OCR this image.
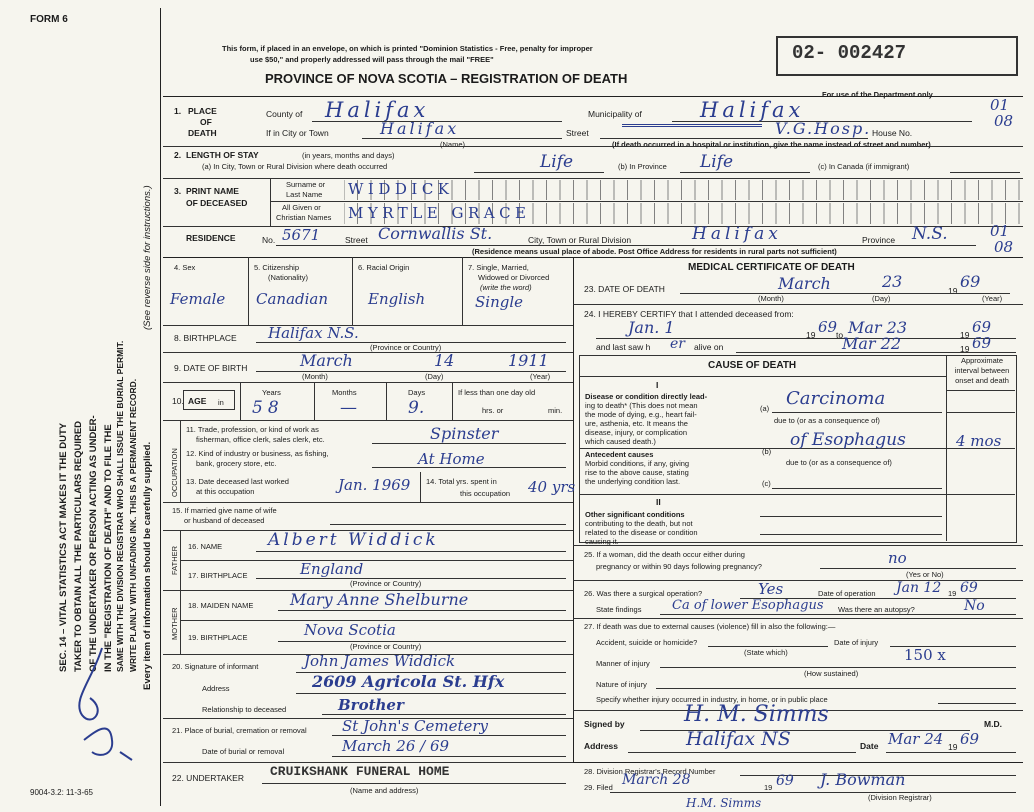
FORM 6
SEC. 14 – VITAL STATISTICS ACT MAKES IT THE DUTY TAKER TO OBTAIN ALL THE PARTICULARS REQUIRED OF THE UNDERTAKER OR PERSON ACTING AS UNDER- IN THE "REGISTRATION OF DEATH" AND TO FILE THE SAME WITH THE DIVISION REGISTRAR WHO SHALL ISSUE THE BURIAL PERMIT. WRITE PLAINLY WITH UNFADING INK. THIS IS A PERMANENT RECORD. Every item of information should be carefully supplied.
(See reverse side for instructions.)
9004-3.2: 11-3-65
This form, if placed in an envelope, on which is printed "Dominion Statistics - Free, penalty for improper
use $50," and properly addressed will pass through the mail "FREE"
PROVINCE OF NOVA SCOTIA – REGISTRATION OF DEATH
02- 002427
For use of the Department only
1. PLACE
OF
DEATH
County of Halifax	Municipality of	Halifax
If in City or Town	Halifax
(Name)
Street	V.G.Hosp. House No.
(If death occurred in a hospital or institution, give the name instead of street and number)
01
08
2. LENGTH OF STAY	(in years, months and days)
(a) In City, Town or Rural Division where death occurred	Life	(b) In Province Life	(c) In Canada (if immigrant)
3. PRINT NAME
OF DECEASED
Surname or
Last Name
All Given or
Christian Names
WIDDICK
MYRTLE GRACE
RESIDENCE	No. 5671	Street Cornwallis St.	City, Town or Rural Division	Halifax	Province N.S.
(Residence means usual place of abode. Post Office Address for residents in rural parts not sufficient)
01
08
4. Sex
Female
5. Citizenship
(Nationality)
Canadian
6. Racial Origin
English
7. Single, Married,
Widowed or Divorced
(write the word)
Single
8. BIRTHPLACE Halifax N.S.
(Province or Country)
9. DATE OF BIRTH	March	14	1911
(Month)	(Day)	(Year)
10. AGE in
Years	Months	Days
58	—	9.
If less than one day old
hrs. or	min.
OCCUPATION
11. Trade, profession, or kind of work as
fisherman, office clerk, sales clerk, etc.	Spinster
12. Kind of industry or business, as fishing,
bank, grocery store, etc.	At Home
13. Date deceased last worked
at this occupation	Jan. 1969 14. Total yrs. spent in
this occupation 40 yrs
15. If married give name of wife
or husband of deceased
FATHER 16. NAME	Albert Widdick
17. BIRTHPLACE	England
(Province or Country)
MOTHER
18. MAIDEN NAME Mary Anne Shelburne
19. BIRTHPLACE	Nova Scotia
(Province or Country)
20. Signature of informant	John James Widdick
Address	2609 Agricola St. Hfx
Relationship to deceased	Brother
21. Place of burial, cremation or removal St John's Cemetery
Date of burial or removal	March 26 / 69
22. UNDERTAKER CRUIKSHANK FUNERAL HOME
(Name and address)
MEDICAL CERTIFICATE OF DEATH
23. DATE OF DEATH	March	23	19 69
(Month)	(Day)	(Year)
24. I HEREBY CERTIFY that I attended deceased from:
Jan. 1	19 69
to Mar 23	19 69
and last saw h er alive on	Mar 22	19 69
CAUSE OF DEATH	Approximate interval between onset and death
I
Disease or condition directly lead-
ing to death* (This does not mean
the mode of dying, e.g., heart fail-
ure, asthenia, etc. It means the
disease, injury, or complication
which caused death.)
(a) Carcinoma
due to (or as a consequence of)
Antecedent causes
Morbid conditions, if any, giving
rise to the above cause, stating
the underlying condition last.
(b)
of Esophagus	4 mos
due to (or as a consequence of)
(c)
II
Other significant conditions
contributing to the death, but not
related to the disease or condition
causing it.
25. If a woman, did the death occur either during
pregnancy or within 90 days following pregnancy?	no
(Yes or No)
26. Was there a surgical operation?	Yes	Date of operation Jan 12 19 69
State findings Ca of lower Esophagus Was there an autopsy?	No
27. If death was due to external causes (violence) fill in also the following:—
Accident, suicide or homicide?	Date of injury
(State which)
Manner of injury	150 x
(How sustained)
Nature of injury
Specify whether injury occurred in industry, in home, or in public place
Signed by	H. M. Simms	M.D.
Address	Halifax NS	Date Mar 24 19 69
28. Division Registrar's Record Number
29. Filed March 28	19 69 J. Bowman
(Division Registrar)
H.M. Simms
